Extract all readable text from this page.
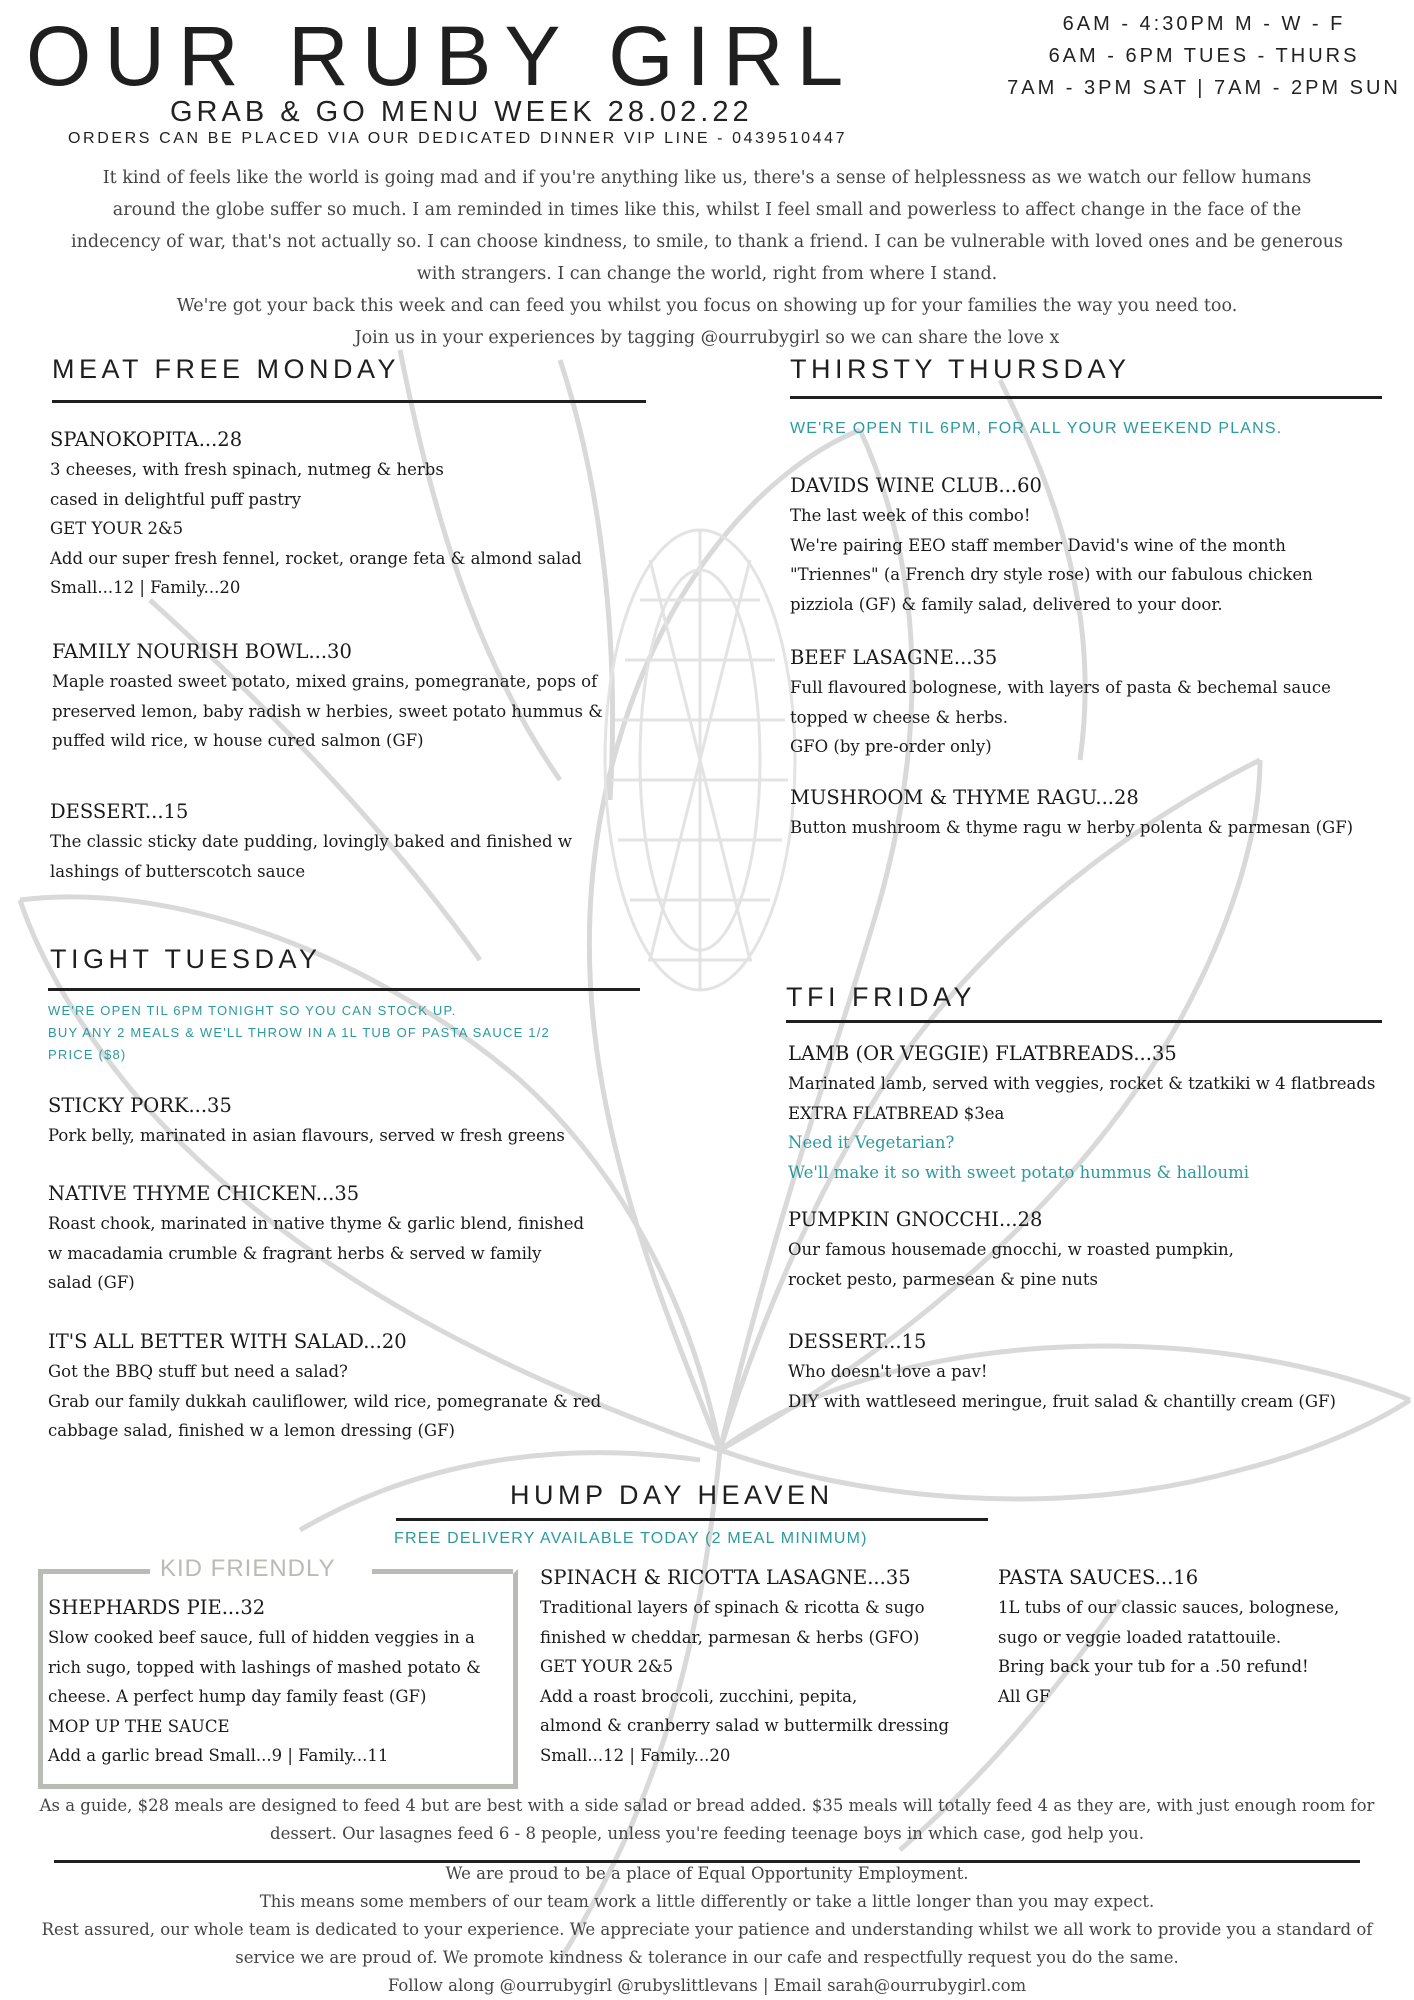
OUR RUBY GIRL	6AM - 4:30PM M - W - F
6AM - 6PM TUES - THURS
7AM - 3PM SAT | 7AM - 2PM SUN
GRAB & GO MENU WEEK 28.02.22
ORDERS CAN BE PLACED VIA OUR DEDICATED DINNER VIP LINE - 0439510447

It kind of feels like the world is going mad and if you're anything like us, there's a sense of helplessness as we watch our fellow humans

around the globe suffer so much. I am reminded in times like this, whilst I feel small and powerless to affect change in the face of the

indecency of war, that's not actually so. I can choose kindness, to smile, to thank a friend. I can be vulnerable with loved ones and be generous

with strangers. I can change the world, right from where I stand.

We're got your back this week and can feed you whilst you focus on showing up for your families the way you need too.

Join us in your experiences by tagging @ourrubygirl so we can share the love x

MEAT FREE MONDAY
SPANOKOPITA...28
3 cheeses, with fresh spinach, nutmeg & herbs
cased in delightful puff pastry
GET YOUR 2&5
Add our super fresh fennel, rocket, orange feta & almond salad
Small...12 | Family...20
FAMILY NOURISH BOWL...30
Maple roasted sweet potato, mixed grains, pomegranate, pops of
preserved lemon, baby radish w herbies, sweet potato hummus &
puffed wild rice, w house cured salmon (GF)
DESSERT...15
The classic sticky date pudding, lovingly baked and finished w
lashings of butterscotch sauce
TIGHT TUESDAY
WE'RE OPEN TIL 6PM TONIGHT SO YOU CAN STOCK UP.
BUY ANY 2 MEALS & WE'LL THROW IN A 1L TUB OF PASTA SAUCE 1/2
PRICE ($8)
STICKY PORK...35
Pork belly, marinated in asian flavours, served w fresh greens
NATIVE THYME CHICKEN...35
Roast chook, marinated in native thyme & garlic blend, finished
w macadamia crumble & fragrant herbs & served w family
salad (GF)
IT'S ALL BETTER WITH SALAD...20
Got the BBQ stuff but need a salad?
Grab our family dukkah cauliflower, wild rice, pomegranate & red
cabbage salad, finished w a lemon dressing (GF)
THIRSTY THURSDAY
WE'RE OPEN TIL 6PM, FOR ALL YOUR WEEKEND PLANS.
DAVIDS WINE CLUB...60
The last week of this combo!
We're pairing EEO staff member David's wine of the month
"Triennes" (a French dry style rose) with our fabulous chicken
pizziola (GF) & family salad, delivered to your door.
BEEF LASAGNE...35
Full flavoured bolognese, with layers of pasta & bechemal sauce
topped w cheese & herbs.
GFO (by pre-order only)
MUSHROOM & THYME RAGU...28
Button mushroom & thyme ragu w herby polenta & parmesan (GF)
TFI FRIDAY
LAMB (OR VEGGIE) FLATBREADS...35
Marinated lamb, served with veggies, rocket & tzatkiki w 4 flatbreads
EXTRA FLATBREAD $3ea
Need it Vegetarian?
We'll make it so with sweet potato hummus & halloumi
PUMPKIN GNOCCHI...28
Our famous housemade gnocchi, w roasted pumpkin,
rocket pesto, parmesean & pine nuts
DESSERT...15
Who doesn't love a pav!
DIY with wattleseed meringue, fruit salad & chantilly cream (GF)
HUMP DAY HEAVEN
FREE DELIVERY AVAILABLE TODAY (2 MEAL MINIMUM)
KID FRIENDLY
SHEPHARDS PIE...32
Slow cooked beef sauce, full of hidden veggies in a
rich sugo, topped with lashings of mashed potato &
cheese. A perfect hump day family feast (GF)
MOP UP THE SAUCE
Add a garlic bread Small...9 | Family...11
SPINACH & RICOTTA LASAGNE...35
Traditional layers of spinach & ricotta & sugo
finished w cheddar, parmesan & herbs (GFO)
GET YOUR 2&5
Add a roast broccoli, zucchini, pepita,
almond & cranberry salad w buttermilk dressing
Small...12 | Family...20
PASTA SAUCES...16
1L tubs of our classic sauces, bolognese,
sugo or veggie loaded ratattouile.
Bring back your tub for a .50 refund!
All GF
As a guide, $28 meals are designed to feed 4 but are best with a side salad or bread added. $35 meals will totally feed 4 as they are, with just enough room for
dessert. Our lasagnes feed 6 - 8 people, unless you're feeding teenage boys in which case, god help you.
We are proud to be a place of Equal Opportunity Employment.
This means some members of our team work a little differently or take a little longer than you may expect.
Rest assured, our whole team is dedicated to your experience. We appreciate your patience and understanding whilst we all work to provide you a standard of
service we are proud of. We promote kindness & tolerance in our cafe and respectfully request you do the same.
Follow along @ourrubygirl @rubyslittlevans | Email sarah@ourrubygirl.com
